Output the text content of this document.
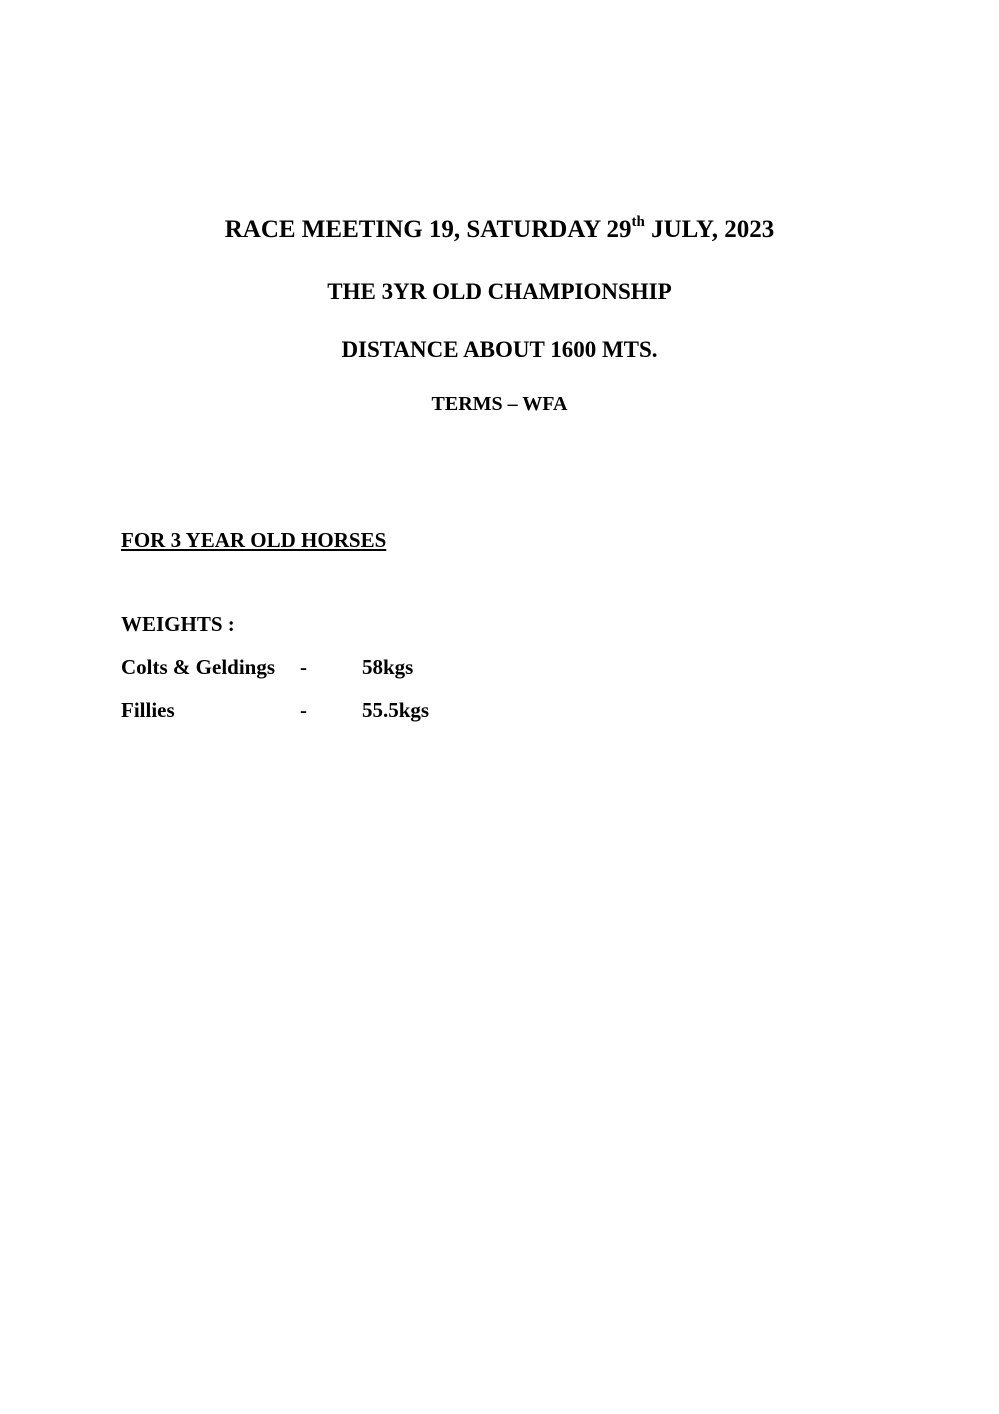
RACE MEETING 19, SATURDAY 29th JULY, 2023
THE 3YR OLD CHAMPIONSHIP
DISTANCE ABOUT 1600 MTS.
TERMS – WFA
FOR 3 YEAR OLD HORSES
WEIGHTS :
Colts & Geldings -	58kgs
Fillies	-	55.5kgs
